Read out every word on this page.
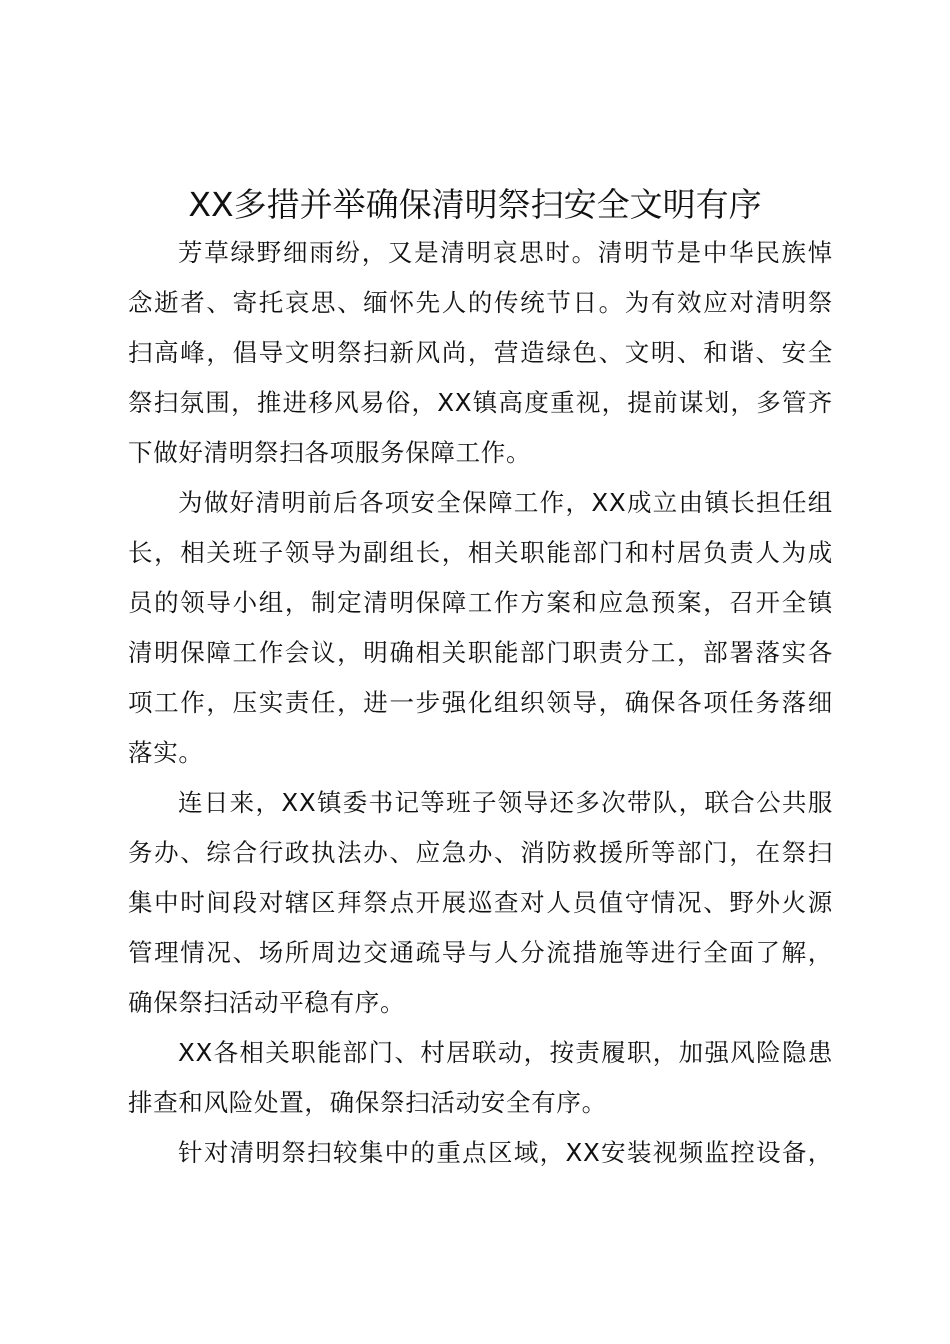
XX多措并举确保清明祭扫安全文明有序
芳草绿野细雨纷，又是清明哀思时。清明节是中华民族悼
念逝者、寄托哀思、缅怀先人的传统节日。为有效应对清明祭
扫高峰，倡导文明祭扫新风尚，营造绿色、文明、和谐、安全
祭扫氛围，推进移风易俗，XX镇高度重视，提前谋划，多管齐
下做好清明祭扫各项服务保障工作。
为做好清明前后各项安全保障工作，XX成立由镇长担任组
长，相关班子领导为副组长，相关职能部门和村居负责人为成
员的领导小组，制定清明保障工作方案和应急预案，召开全镇
清明保障工作会议，明确相关职能部门职责分工，部署落实各
项工作，压实责任，进一步强化组织领导，确保各项任务落细
落实。
连日来，XX镇委书记等班子领导还多次带队，联合公共服
务办、综合行政执法办、应急办、消防救援所等部门，在祭扫
集中时间段对辖区拜祭点开展巡查对人员值守情况、野外火源
管理情况、场所周边交通疏导与人分流措施等进行全面了解，
确保祭扫活动平稳有序。
XX各相关职能部门、村居联动，按责履职，加强风险隐患
排查和风险处置，确保祭扫活动安全有序。
针对清明祭扫较集中的重点区域，XX安装视频监控设备，
